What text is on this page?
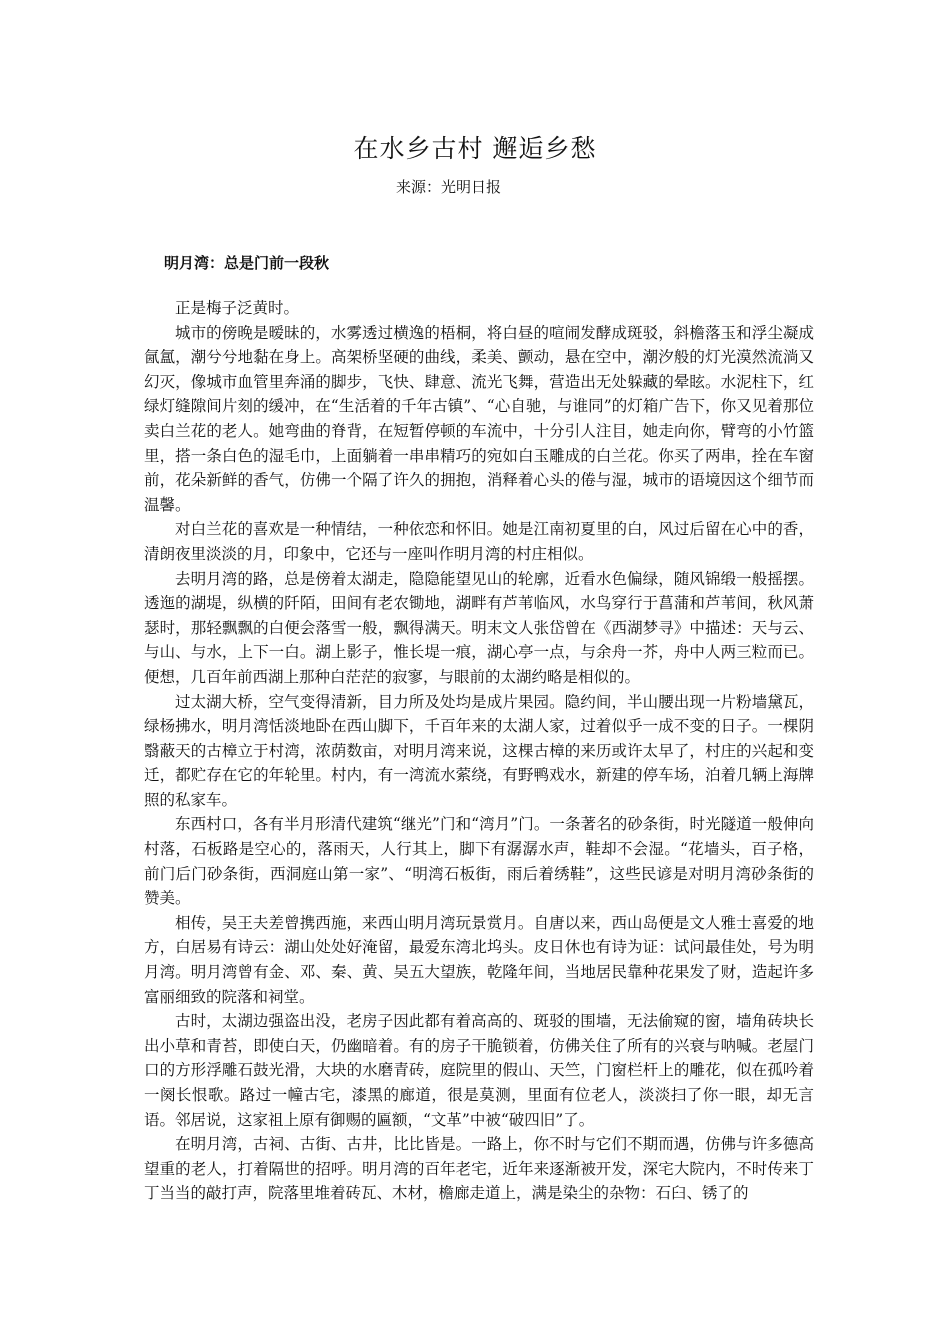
在水乡古村 邂逅乡愁
来源：光明日报
明月湾：总是门前一段秋

正是梅子泛黄时。

城市的傍晚是暧昧的，水雾透过横逸的梧桐，将白昼的喧闹发酵成斑驳，斜檐落玉和浮尘凝成氤氲，潮兮兮地黏在身上。高架桥坚硬的曲线，柔美、颤动，悬在空中，潮汐般的灯光漠然流淌又幻灭，像城市血管里奔涌的脚步，飞快、肆意、流光飞舞，营造出无处躲藏的晕眩。水泥柱下，红绿灯缝隙间片刻的缓冲，在“生活着的千年古镇”、“心自驰，与谁同”的灯箱广告下，你又见着那位卖白兰花的老人。她弯曲的脊背，在短暂停顿的车流中，十分引人注目，她走向你，臂弯的小竹篮里，搭一条白色的湿毛巾，上面躺着一串串精巧的宛如白玉雕成的白兰花。你买了两串，拴在车窗前，花朵新鲜的香气，仿佛一个隔了许久的拥抱，消释着心头的倦与湿，城市的语境因这个细节而温馨。

对白兰花的喜欢是一种情结，一种依恋和怀旧。她是江南初夏里的白，风过后留在心中的香，清朗夜里淡淡的月，印象中，它还与一座叫作明月湾的村庄相似。

去明月湾的路，总是傍着太湖走，隐隐能望见山的轮廓，近看水色偏绿，随风锦缎一般摇摆。透迤的湖堤，纵横的阡陌，田间有老农锄地，湖畔有芦苇临风，水鸟穿行于菖蒲和芦苇间，秋风萧瑟时，那轻飘飘的白便会落雪一般，飘得满天。明末文人张岱曾在《西湖梦寻》中描述：天与云、与山、与水，上下一白。湖上影子，惟长堤一痕，湖心亭一点，与余舟一芥，舟中人两三粒而已。便想，几百年前西湖上那种白茫茫的寂寥，与眼前的太湖约略是相似的。

过太湖大桥，空气变得清新，目力所及处均是成片果园。隐约间，半山腰出现一片粉墙黛瓦，绿杨拂水，明月湾恬淡地卧在西山脚下，千百年来的太湖人家，过着似乎一成不变的日子。一棵阴翳蔽天的古樟立于村湾，浓荫数亩，对明月湾来说，这棵古樟的来历或许太早了，村庄的兴起和变迁，都贮存在它的年轮里。村内，有一湾流水萦绕，有野鸭戏水，新建的停车场，泊着几辆上海牌照的私家车。

东西村口，各有半月形清代建筑“继光”门和“湾月”门。一条著名的砂条街，时光隧道一般伸向村落，石板路是空心的，落雨天，人行其上，脚下有潺潺水声，鞋却不会湿。“花墙头，百子格，前门后门砂条街，西洞庭山第一家”、“明湾石板街，雨后着绣鞋”，这些民谚是对明月湾砂条街的赞美。

相传，吴王夫差曾携西施，来西山明月湾玩景赏月。自唐以来，西山岛便是文人雅士喜爱的地方，白居易有诗云：湖山处处好淹留，最爱东湾北坞头。皮日休也有诗为证：试问最佳处，号为明月湾。明月湾曾有金、邓、秦、黄、吴五大望族，乾隆年间，当地居民靠种花果发了财，造起许多富丽细致的院落和祠堂。

古时，太湖边强盗出没，老房子因此都有着高高的、斑驳的围墙，无法偷窥的窗，墙角砖块长出小草和青苔，即使白天，仍幽暗着。有的房子干脆锁着，仿佛关住了所有的兴衰与呐喊。老屋门口的方形浮雕石鼓光滑，大块的水磨青砖，庭院里的假山、天竺，门窗栏杆上的雕花，似在孤吟着一阕长恨歌。路过一幢古宅，漆黑的廊道，很是莫测，里面有位老人，淡淡扫了你一眼，却无言语。邻居说，这家祖上原有御赐的匾额，“文革”中被“破四旧”了。

在明月湾，古祠、古街、古井，比比皆是。一路上，你不时与它们不期而遇，仿佛与许多德高望重的老人，打着隔世的招呼。明月湾的百年老宅，近年来逐渐被开发，深宅大院内，不时传来丁丁当当的敲打声，院落里堆着砖瓦、木材，檐廊走道上，满是染尘的杂物：石臼、锈了的
